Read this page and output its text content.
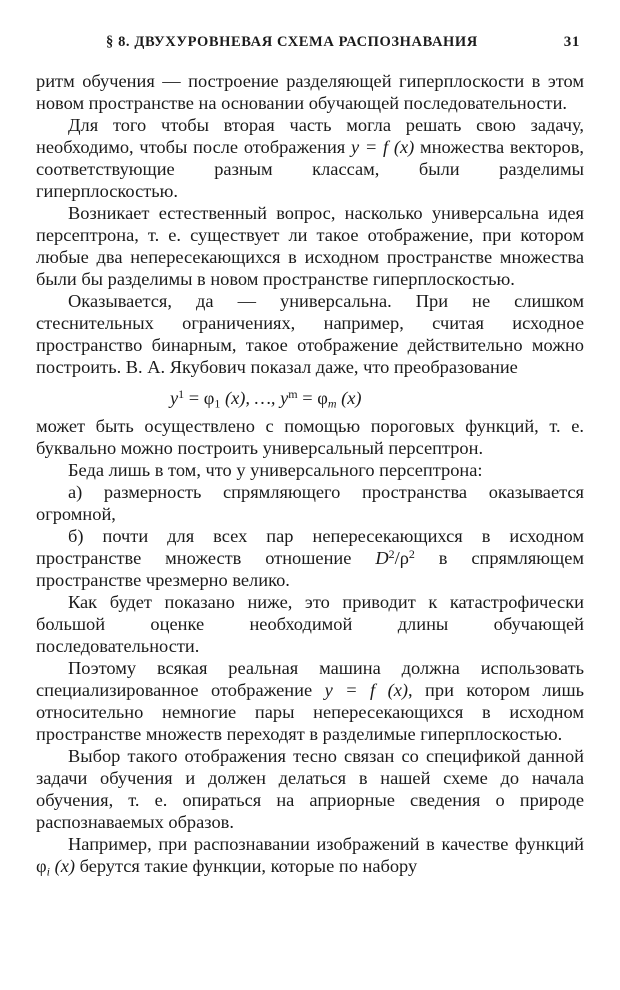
§ 8. ДВУХУРОВНЕВАЯ СХЕМА РАСПОЗНАВАНИЯ	31

ритм обучения — построение разделяющей гиперплоскости в этом новом пространстве на основании обучающей последовательности.

Для того чтобы вторая часть могла решать свою задачу, необходимо, чтобы после отображения y = f (x) множества векторов, соответствующие разным классам, были разделимы гиперплоскостью.

Возникает естественный вопрос, насколько универсальна идея персептрона, т. е. существует ли такое отображение, при котором любые два непересекающихся в исходном пространстве множества были бы разделимы в новом пространстве гиперплоскостью.

Оказывается, да — универсальна. При не слишком стеснительных ограничениях, например, считая исходное пространство бинарным, такое отображение действительно можно построить. В. А. Якубович показал даже, что преобразование

$y^1 = \varphi_1$ (x), …, $y^m = \varphi_m$ (x)

может быть осуществлено с помощью пороговых функций, т. е. буквально можно построить универсальный персептрон.

Беда лишь в том, что у универсального персептрона:

а) размерность спрямляющего пространства оказывается огромной,

б) почти для всех пар непересекающихся в исходном пространстве множеств отношение $D^2/\rho^2$ в спрямляющем пространстве чрезмерно велико.

Как будет показано ниже, это приводит к катастрофически большой оценке необходимой длины обучающей последовательности.

Поэтому всякая реальная машина должна использовать специализированное отображение y = f (x), при котором лишь относительно немногие пары непересекающихся в исходном пространстве множеств переходят в разделимые гиперплоскостью.

Выбор такого отображения тесно связан со спецификой данной задачи обучения и должен делаться в нашей схеме до начала обучения, т. е. опираться на априорные сведения о природе распознаваемых образов.

Например, при распознавании изображений в качестве функций $\varphi_i$ (x) берутся такие функции, которые по набору
